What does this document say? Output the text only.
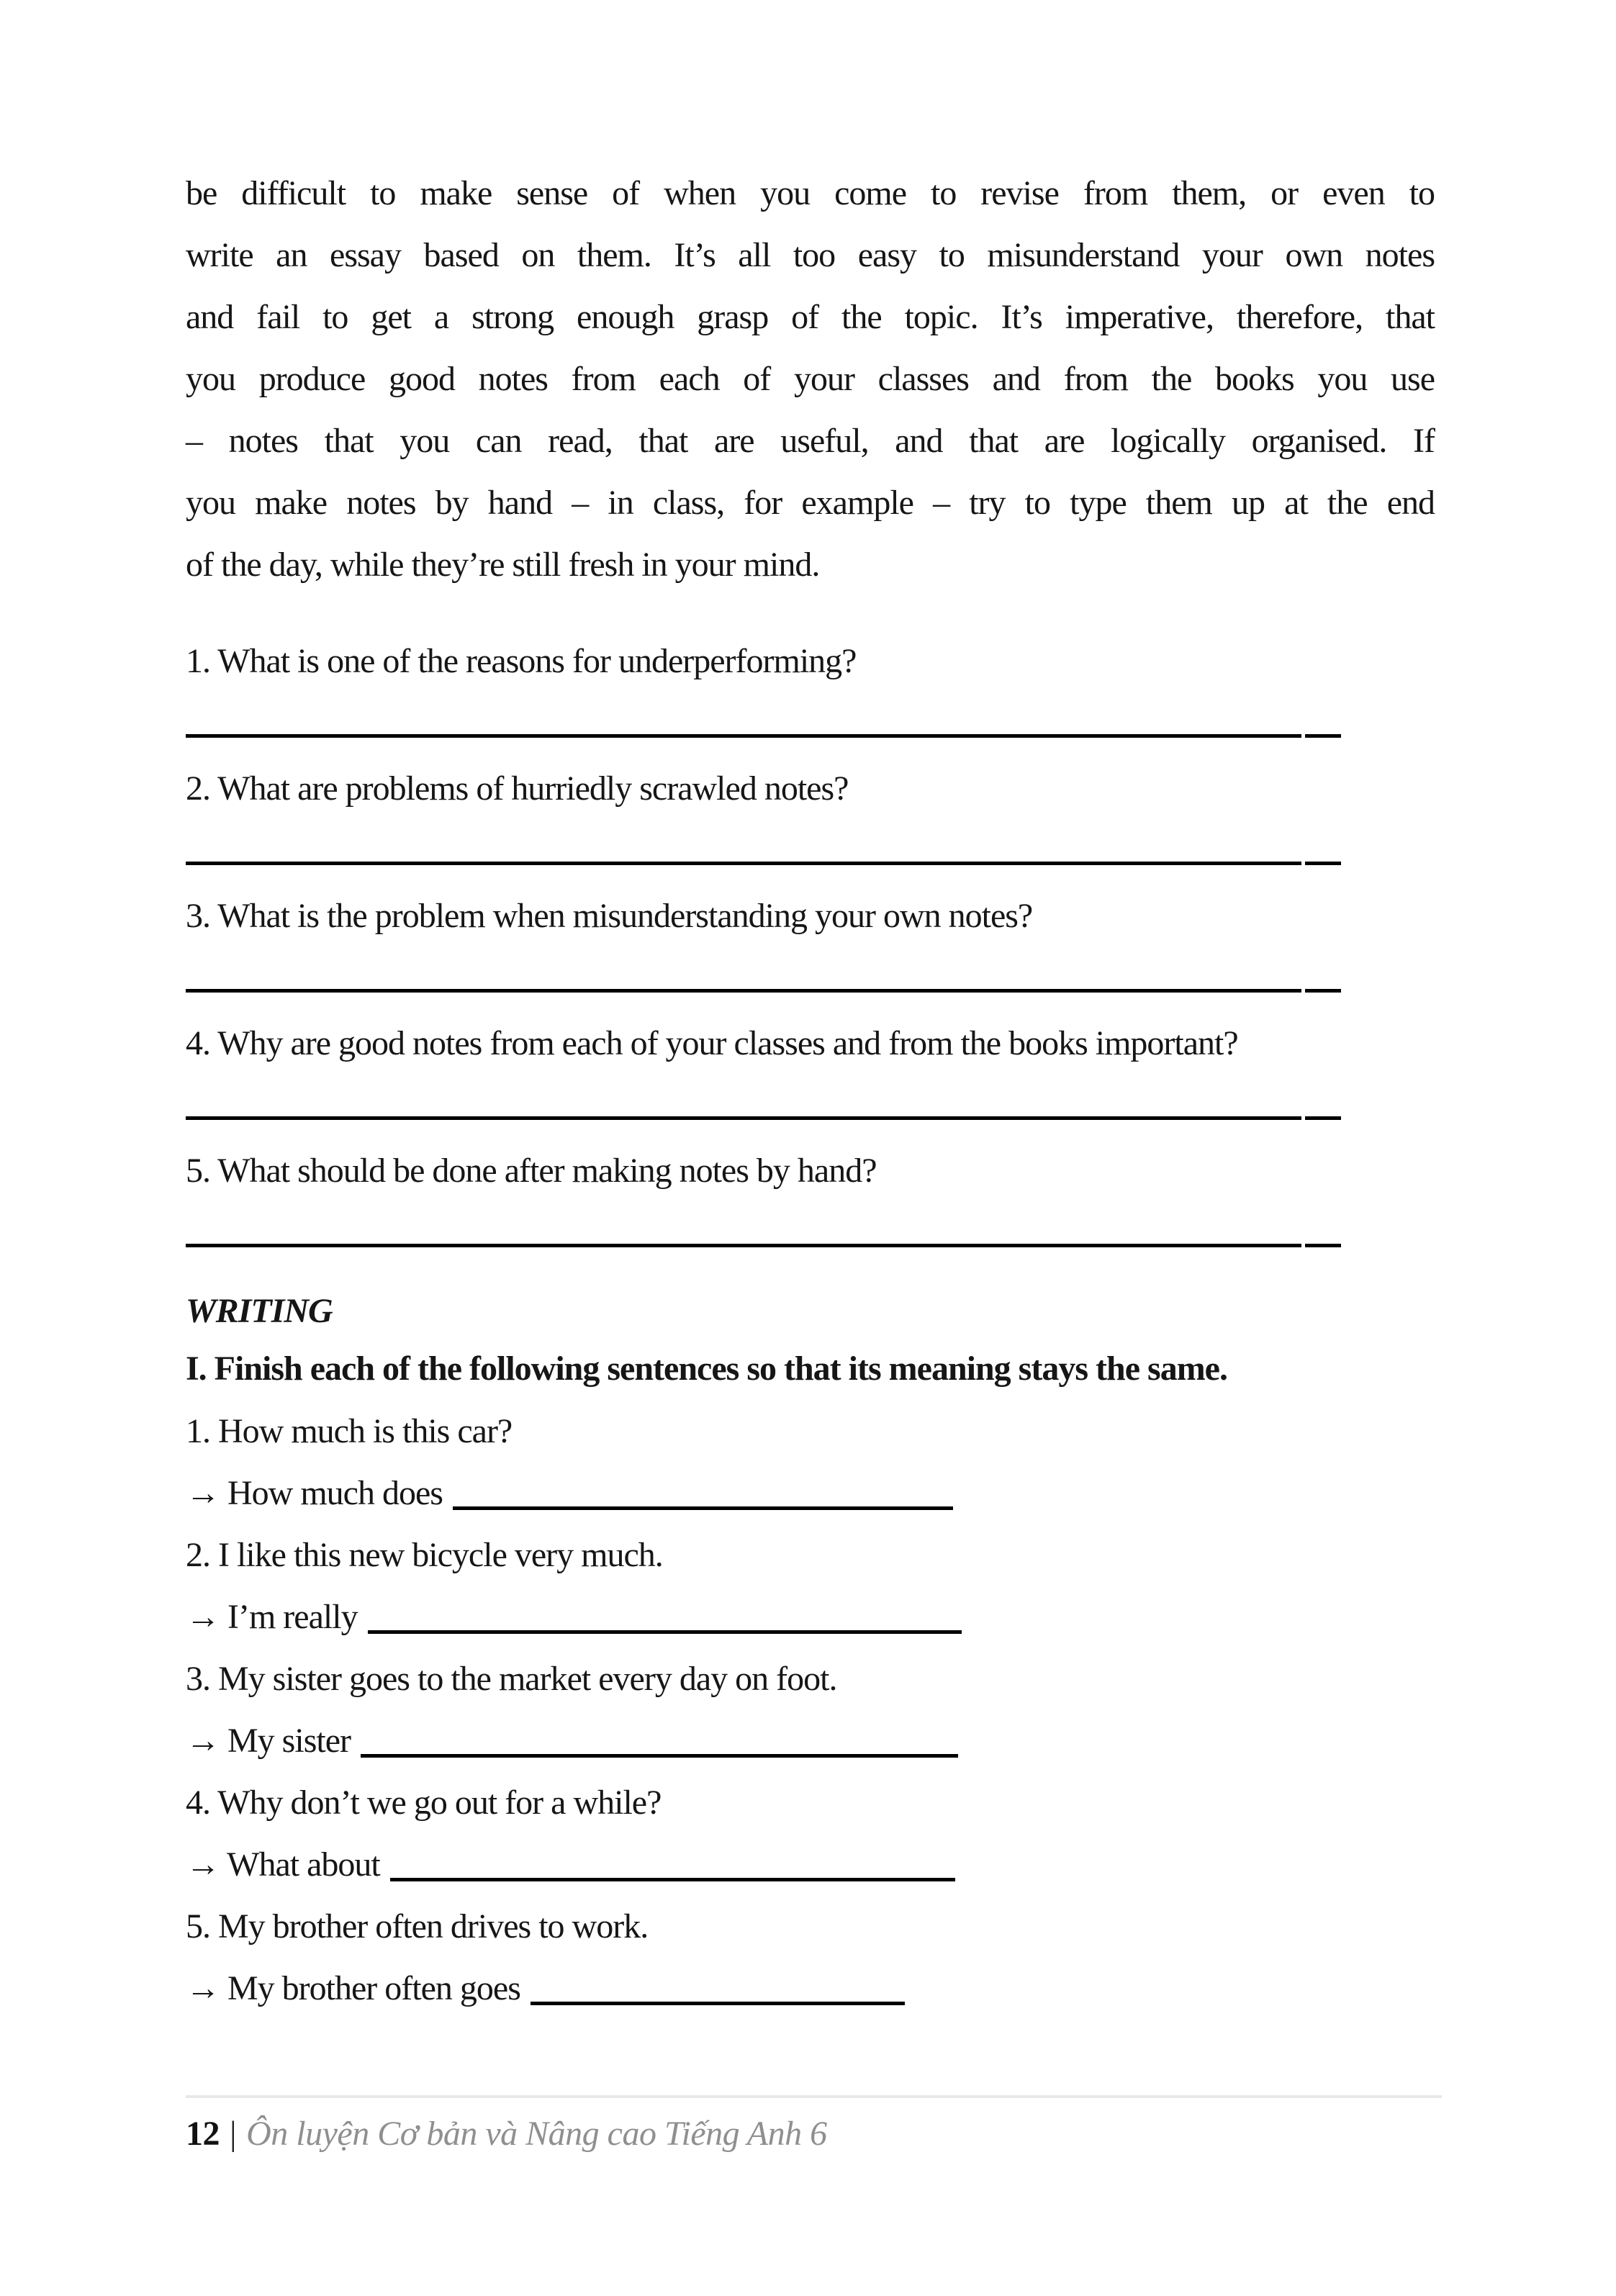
be difficult to make sense of when you come to revise from them, or even to
write an essay based on them. It’s all too easy to misunderstand your own notes
and fail to get a strong enough grasp of the topic. It’s imperative, therefore, that
you produce good notes from each of your classes and from the books you use
– notes that you can read, that are useful, and that are logically organised. If
you make notes by hand – in class, for example – try to type them up at the end
of the day, while they’re still fresh in your mind.
1. What is one of the reasons for underperforming?
2. What are problems of hurriedly scrawled notes?
3. What is the problem when misunderstanding your own notes?
4. Why are good notes from each of your classes and from the books important?
5. What should be done after making notes by hand?
WRITING
I. Finish each of the following sentences so that its meaning stays the same.
1. How much is this car?
→ How much does
2. I like this new bicycle very much.
→ I’m really
3. My sister goes to the market every day on foot.
→ My sister
4. Why don’t we go out for a while?
→ What about
5. My brother often drives to work.
→ My brother often goes
12 | Ôn luyện Cơ bản và Nâng cao Tiếng Anh 6
